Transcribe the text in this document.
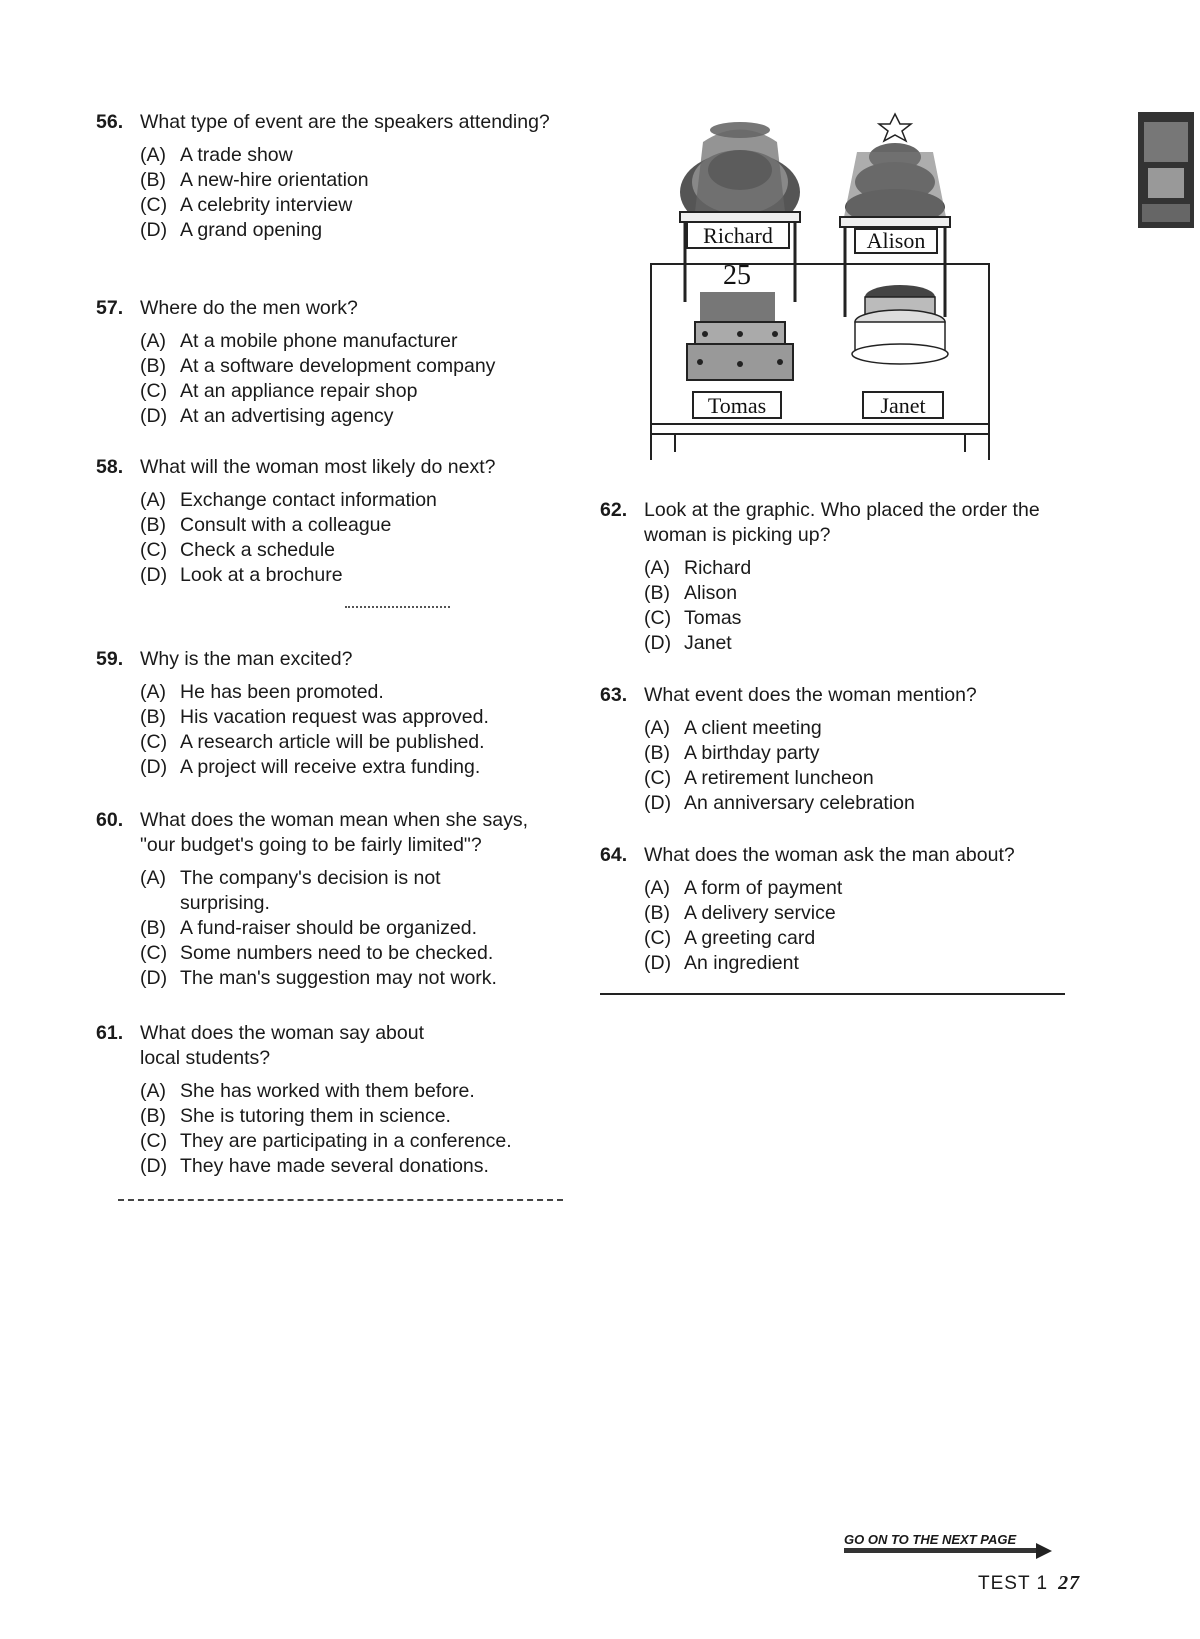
56. What type of event are the speakers attending?
(A) A trade show
(B) A new-hire orientation
(C) A celebrity interview
(D) A grand opening
57. Where do the men work?
(A) At a mobile phone manufacturer
(B) At a software development company
(C) At an appliance repair shop
(D) At an advertising agency
58. What will the woman most likely do next?
(A) Exchange contact information
(B) Consult with a colleague
(C) Check a schedule
(D) Look at a brochure
59. Why is the man excited?
(A) He has been promoted.
(B) His vacation request was approved.
(C) A research article will be published.
(D) A project will receive extra funding.
60. What does the woman mean when she says, "our budget's going to be fairly limited"?
(A) The company's decision is not surprising.
(B) A fund-raiser should be organized.
(C) Some numbers need to be checked.
(D) The man's suggestion may not work.
61. What does the woman say about local students?
(A) She has worked with them before.
(B) She is tutoring them in science.
(C) They are participating in a conference.
(D) They have made several donations.
Richard	Alison
25
Tomas	Janet
62. Look at the graphic. Who placed the order the woman is picking up?
(A) Richard
(B) Alison
(C) Tomas
(D) Janet
63. What event does the woman mention?
(A) A client meeting
(B) A birthday party
(C) A retirement luncheon
(D) An anniversary celebration
64. What does the woman ask the man about?
(A) A form of payment
(B) A delivery service
(C) A greeting card
(D) An ingredient
GO ON TO THE NEXT PAGE
TEST 1 27
